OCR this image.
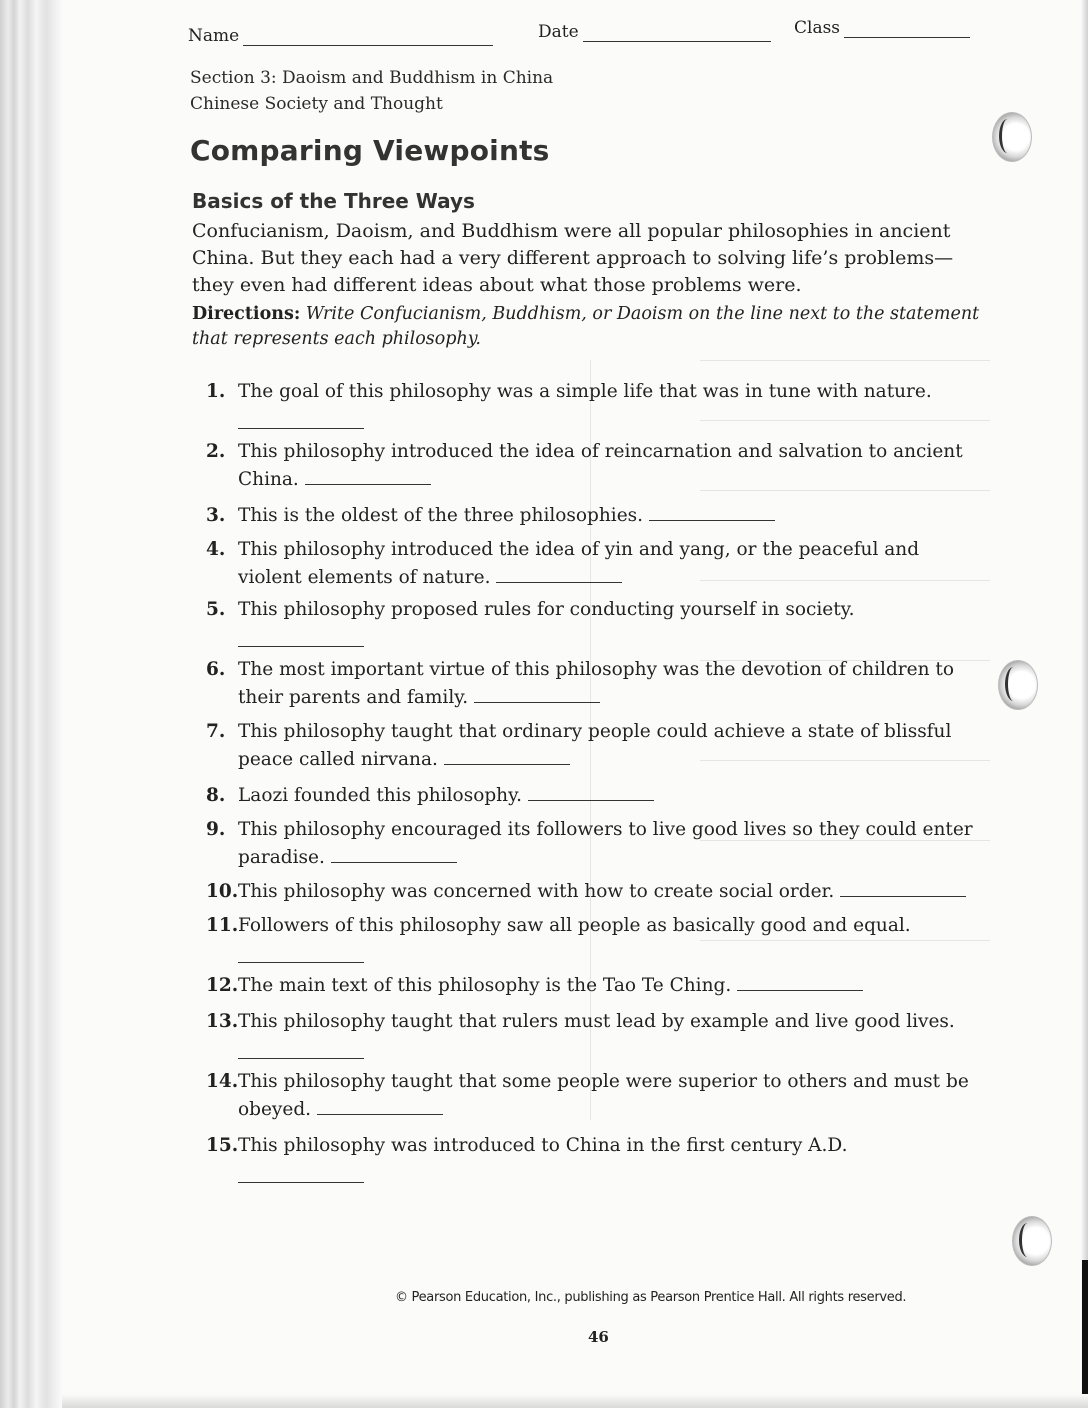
Name	Date	Class
Section 3: Daoism and Buddhism in China
Chinese Society and Thought
Comparing Viewpoints
Basics of the Three Ways
Confucianism, Daoism, and Buddhism were all popular philosophies in ancient China. But they each had a very different approach to solving life’s problems—they even had different ideas about what those problems were.
Directions: Write Confucianism, Buddhism, or Daoism on the line next to the statement that represents each philosophy.
1. The goal of this philosophy was a simple life that was in tune with nature.
2. This philosophy introduced the idea of reincarnation and salvation to ancient
China.
3. This is the oldest of the three philosophies.
4. This philosophy introduced the idea of yin and yang, or the peaceful and
violent elements of nature.
5. This philosophy proposed rules for conducting yourself in society.
6. The most important virtue of this philosophy was the devotion of children to
their parents and family.
7. This philosophy taught that ordinary people could achieve a state of blissful
peace called nirvana.
8. Laozi founded this philosophy.
9. This philosophy encouraged its followers to live good lives so they could enter
paradise.
10.This philosophy was concerned with how to create social order.
11.Followers of this philosophy saw all people as basically good and equal.
12.The main text of this philosophy is the Tao Te Ching.
13.This philosophy taught that rulers must lead by example and live good lives.
14.This philosophy taught that some people were superior to others and must be
obeyed.
15.This philosophy was introduced to China in the first century A.D.
© Pearson Education, Inc., publishing as Pearson Prentice Hall. All rights reserved.
46
